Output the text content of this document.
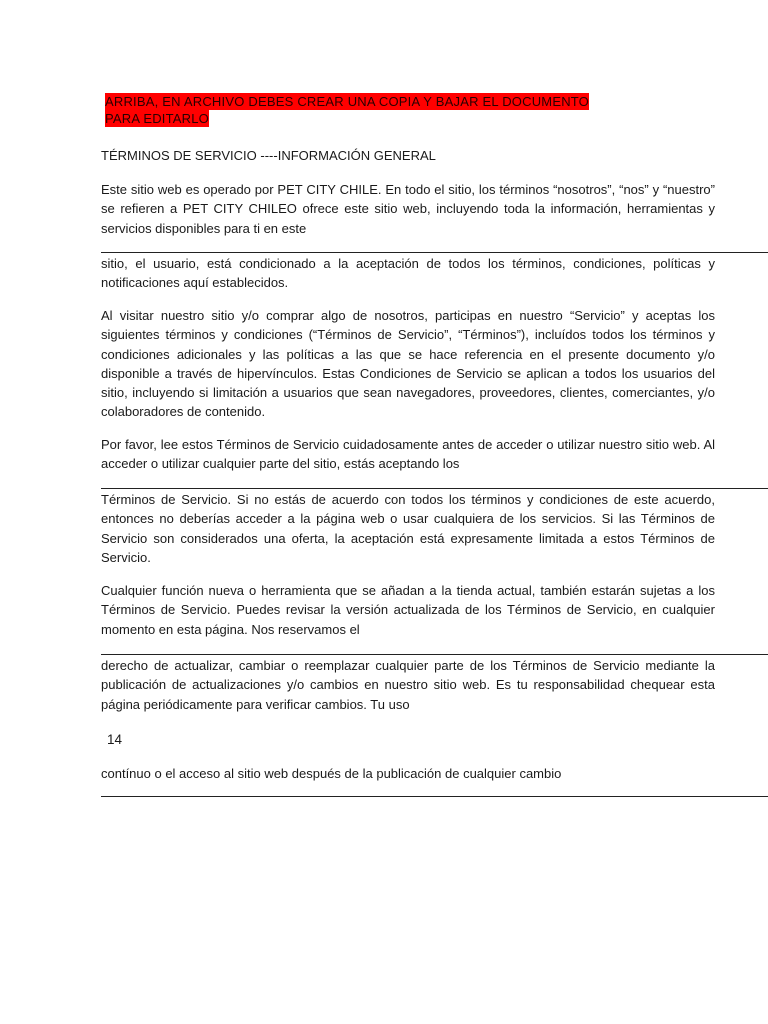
ARRIBA, EN ARCHIVO DEBES CREAR UNA COPIA Y BAJAR EL DOCUMENTO
PARA EDITARLO
TÉRMINOS DE SERVICIO ----INFORMACIÓN GENERAL

Este sitio web es operado por PET CITY CHILE. En todo el sitio, los términos “nosotros”, “nos” y “nuestro” se refieren a PET CITY CHILEO ofrece este sitio web, incluyendo toda la información, herramientas y servicios disponibles para ti en este

sitio, el usuario, está condicionado a la aceptación de todos los términos, condiciones, políticas y notificaciones aquí establecidos.

Al visitar nuestro sitio y/o comprar algo de nosotros, participas en nuestro “Servicio” y aceptas los siguientes términos y condiciones (“Términos de Servicio”, “Términos”), incluídos todos los términos y condiciones adicionales y las políticas a las que se hace referencia en el presente documento y/o disponible a través de hipervínculos. Estas Condiciones de Servicio se aplican a todos los usuarios del sitio, incluyendo si limitación a usuarios que sean navegadores, proveedores, clientes, comerciantes, y/o colaboradores de contenido.

Por favor, lee estos Términos de Servicio cuidadosamente antes de acceder o utilizar nuestro sitio web. Al acceder o utilizar cualquier parte del sitio, estás aceptando los

Términos de Servicio. Si no estás de acuerdo con todos los términos y condiciones de este acuerdo, entonces no deberías acceder a la página web o usar cualquiera de los servicios. Si las Términos de Servicio son considerados una oferta, la aceptación está expresamente limitada a estos Términos de Servicio.

Cualquier función nueva o herramienta que se añadan a la tienda actual, también estarán sujetas a los Términos de Servicio. Puedes revisar la versión actualizada de los Términos de Servicio, en cualquier momento en esta página. Nos reservamos el

derecho de actualizar, cambiar o reemplazar cualquier parte de los Términos de Servicio mediante la publicación de actualizaciones y/o cambios en nuestro sitio web. Es tu responsabilidad chequear esta página periódicamente para verificar cambios. Tu uso

14

contínuo o el acceso al sitio web después de la publicación de cualquier cambio
